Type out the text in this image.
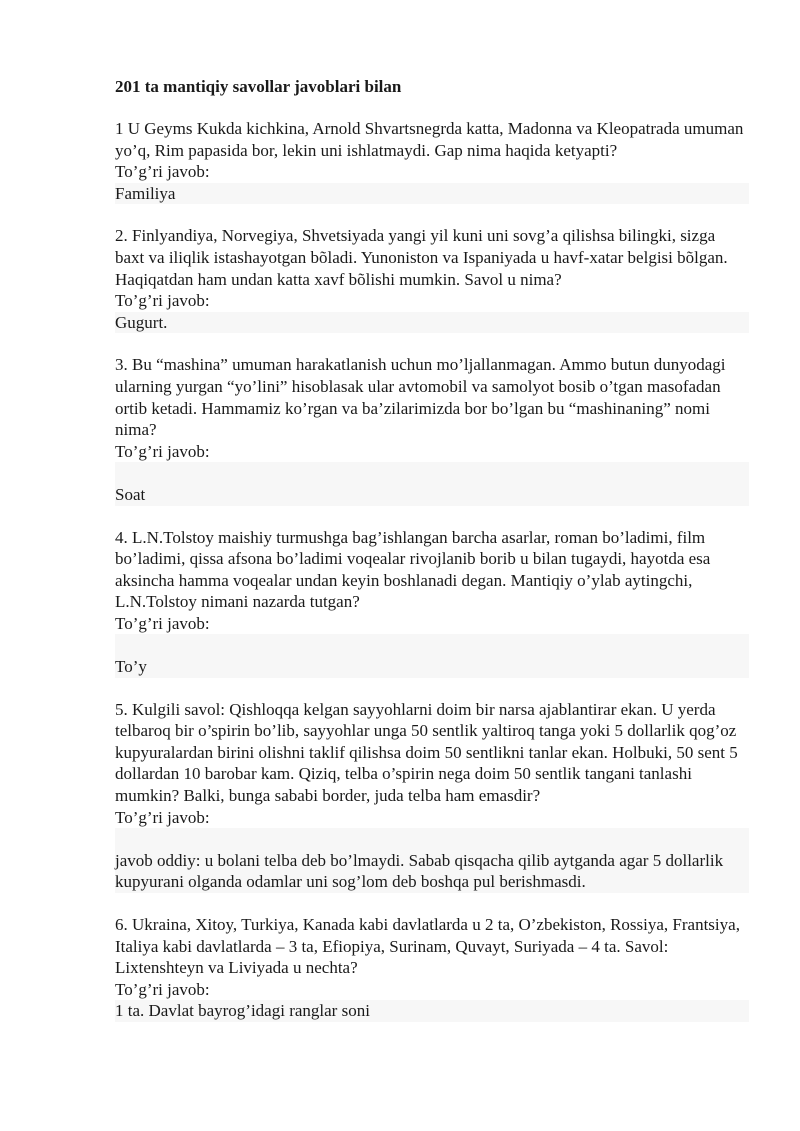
201 ta mantiqiy savollar javoblari bilan

1 U Geyms Kukda kichkina, Arnold Shvartsnegrda katta, Madonna va Kleopatrada umuman yo’q, Rim papasida bor, lekin uni ishlatmaydi. Gap nima haqida ketyapti?

To’g’ri javob:

Familiya

2. Finlyandiya, Norvegiya, Shvetsiyada yangi yil kuni uni sovg’a qilishsa bilingki, sizga baxt va iliqlik istashayotgan bõladi. Yunoniston va Ispaniyada u havf-xatar belgisi bõlgan. Haqiqatdan ham undan katta xavf bõlishi mumkin. Savol u nima?

To’g’ri javob:

Gugurt.

3. Bu “mashina” umuman harakatlanish uchun mo’ljallanmagan. Ammo butun dunyodagi ularning yurgan “yo’lini” hisoblasak ular avtomobil va samolyot bosib o’tgan masofadan ortib ketadi. Hammamiz ko’rgan va ba’zilarimizda bor bo’lgan bu “mashinaning” nomi nima?

To’g’ri javob:

Soat

4. L.N.Tolstoy maishiy turmushga bag’ishlangan barcha asarlar, roman bo’ladimi, film bo’ladimi, qissa afsona bo’ladimi voqealar rivojlanib borib u bilan tugaydi, hayotda esa aksincha hamma voqealar undan keyin boshlanadi degan. Mantiqiy o’ylab aytingchi, L.N.Tolstoy nimani nazarda tutgan?

To’g’ri javob:

To’y

5. Kulgili savol: Qishloqqa kelgan sayyohlarni doim bir narsa ajablantirar ekan. U yerda telbaroq bir o’spirin bo’lib, sayyohlar unga 50 sentlik yaltiroq tanga yoki 5 dollarlik qog’oz kupyuralardan birini olishni taklif qilishsa doim 50 sentlikni tanlar ekan. Holbuki, 50 sent 5 dollardan 10 barobar kam. Qiziq, telba o’spirin nega doim 50 sentlik tangani tanlashi mumkin? Balki, bunga sababi border, juda telba ham emasdir?

To’g’ri javob:

javob oddiy: u bolani telba deb bo’lmaydi. Sabab qisqacha qilib aytganda agar 5 dollarlik kupyurani olganda odamlar uni sog’lom deb boshqa pul berishmasdi.

6. Ukraina, Xitoy, Turkiya, Kanada kabi davlatlarda u 2 ta, O’zbekiston, Rossiya, Frantsiya, Italiya kabi davlatlarda – 3 ta, Efiopiya, Surinam, Quvayt, Suriyada – 4 ta. Savol: Lixtenshteyn va Liviyada u nechta?

To’g’ri javob:

1 ta. Davlat bayrog’idagi ranglar soni
